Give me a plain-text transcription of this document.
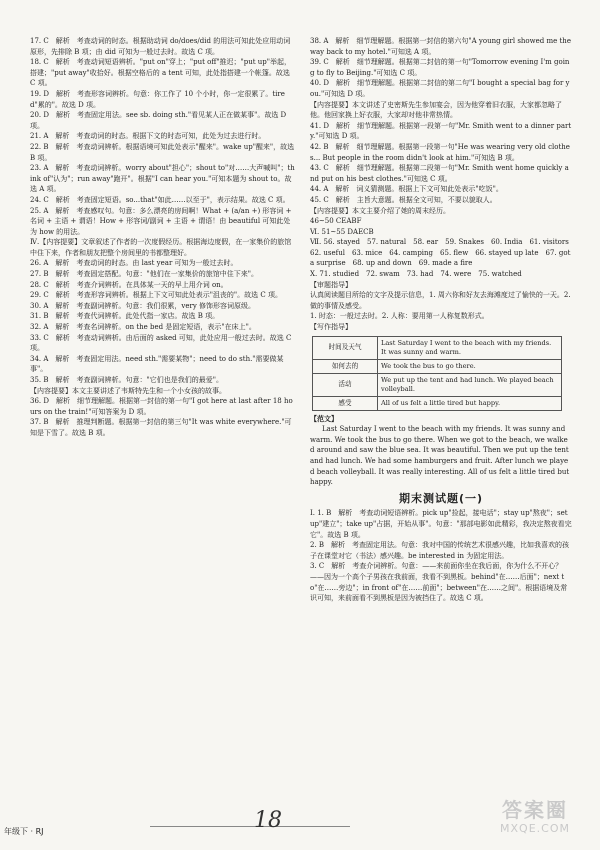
17. C　解析　考查动词的时态。根据助动词 do/does/did 的用法可知此处应用动词原形，先排除 B 项；由 did 可知为一般过去时。故选 C 项。
18. C　解析　考查动词短语辨析。"put on"穿上；"put off"推迟；"put up"举起，搭建；"put away"收拾好。根据空格后的 a tent 可知，此处指搭建一个帐篷。故选 C 项。
19. D　解析　考查形容词辨析。句意：你工作了 10 个小时，你一定很累了。tired"累的"。故选 D 项。
20. D　解析　考查固定用法。see sb. doing sth."看见某人正在做某事"。故选 D 项。
21. A　解析　考查动词的时态。根据下文的时态可知，此处为过去进行时。
22. B　解析　考查动词辨析。根据语境可知此处表示"醒来"。wake up"醒来"，故选 B 项。
23. A　解析　考查动词辨析。worry about"担心"；shout to"对……大声喊叫"；think of"认为"；run away"跑开"。根据"I can hear you."可知本题为 shout to。故选 A 项。
24. C　解析　考查固定短语。so...that"如此……以至于"，表示结果。故选 C 项。
25. A　解析　考查感叹句。句意：多么漂亮的房间啊！What + (a/an +) 形容词 + 名词 + 主语 + 谓语！How + 形容词/副词 + 主语 + 谓语！由 beautiful 可知此处为 how 的用法。
Ⅳ.【内容提要】文章叙述了作者的一次度假经历。根据海边度假，在一家集价的旅馆中住下来，作者和朋友把整个房间里的书都整理好。
26. A　解析　考查动词的时态。由 last year 可知为一般过去时。
27. B　解析　考查固定搭配。句意："他们在一家集价的旅馆中住下来"。
28. C　解析　考查介词辨析。在具体某一天的早上用介词 on。
29. C　解析　考查形容词辨析。根据上下文可知此处表示"沮丧的"。故选 C 项。
30. A　解析　考查副词辨析。句意：我们很累，very 修饰形容词原级。
31. B　解析　考查代词辨析。此处代指一家店。故选 B 项。
32. A　解析　考查名词辨析。on the bed 是固定短语，表示"在床上"。
33. C　解析　考查动词辨析。由后面的 asked 可知，此处应用一般过去时。故选 C 项。
34. A　解析　考查固定用法。need sth."需要某物"；need to do sth."需要做某事"。
35. B　解析　考查副词辨析。句意："它们也是我们的最爱"。
【内容提要】本文主要讲述了韦斯特先生和一个小女孩的故事。
36. D　解析　细节理解题。根据第一封信的第一句"I got here at last after 18 hours on the train!"可知答案为 D 项。
37. B　解析　推理判断题。根据第一封信的第三句"It was white everywhere."可知是下雪了。故选 B 项。
38. A　解析　细节理解题。根据第一封信的第六句"A young girl showed me the way back to my hotel."可知选 A 项。
39. C　解析　细节理解题。根据第二封信的第一句"Tomorrow evening I'm going to fly to Beijing."可知选 C 项。
40. D　解析　细节理解题。根据第二封信的第二句"I bought a special bag for you."可知选 D 项。
【内容提要】本文讲述了史密斯先生参加宴会，因为他穿着旧衣服，大家都忽略了他。他回家换上好衣服，大家却对他非常热情。
41. D　解析　细节理解题。根据第一段第一句"Mr. Smith went to a dinner party."可知选 D 项。
42. B　解析　细节理解题。根据第一段第一句"He was wearing very old clothes... But people in the room didn't look at him."可知选 B 项。
43. C　解析　细节理解题。根据第二段第一句"Mr. Smith went home quickly and put on his best clothes."可知选 C 项。
44. A　解析　词义猜测题。根据上下文可知此处表示"吃饭"。
45. C　解析　主旨大意题。根据全文可知，不要以貌取人。
【内容提要】本文主要介绍了她的周末经历。
46~50 CEABF
Ⅵ. 51~55 DAECB
Ⅶ. 56. stayed　57. natural　58. ear　59. Snakes　60. India　61. visitors　62. useful　63. mice　64. camping　65. flew　66. stayed up late　67. got a surprise　68. up and down　69. made a fire
Ⅹ. 71. studied　72. swam　73. had　74. were　75. watched
【审题指导】
认真阅读题目所给的文字及提示信息，1. 周六你和好友去海滩度过了愉快的一天。2. 做的事情及感受。
1. 时态：一般过去时。2. 人称：要用第一人称复数形式。
【写作指导】
时间及天气	Last Saturday I went to the beach with my friends. It was sunny and warm.
如何去的	We took the bus to go there.
活动	We put up the tent and had lunch. We played beach volleyball.
感受	All of us felt a little tired but happy.
【范文】
Last Saturday I went to the beach with my friends. It was sunny and warm. We took the bus to go there. When we got to the beach, we walked around and saw the blue sea. It was beautiful. Then we put up the tent and had lunch. We had some hamburgers and fruit. After lunch we played beach volleyball. It was really interesting. All of us felt a little tired but happy.
期末测试题(一)
Ⅰ. 1. B　解析　考查动词短语辨析。pick up"捡起，接电话"；stay up"熬夜"；set up"建立"；take up"占据，开始从事"。句意："那部电影如此精彩，我决定熬夜看完它"。故选 B 项。
2. B　解析　考查固定用法。句意：我对中国的传统艺术很感兴趣，比如我喜欢的孩子在课堂对它（书法）感兴趣。be interested in 为固定用法。
3. C　解析　考查介词辨析。句意：——来前面你坐在我后面，你为什么不开心？——因为一个高个子男孩在我前面，我看不到黑板。behind"在……后面"；next to"在……旁边"；in front of"在……前面"；between"在……之间"。根据语境及常识可知，来前面看不到黑板是因为被挡住了。故选 C 项。
年级下 · RJ	18	答案圈
MXQE.COM
